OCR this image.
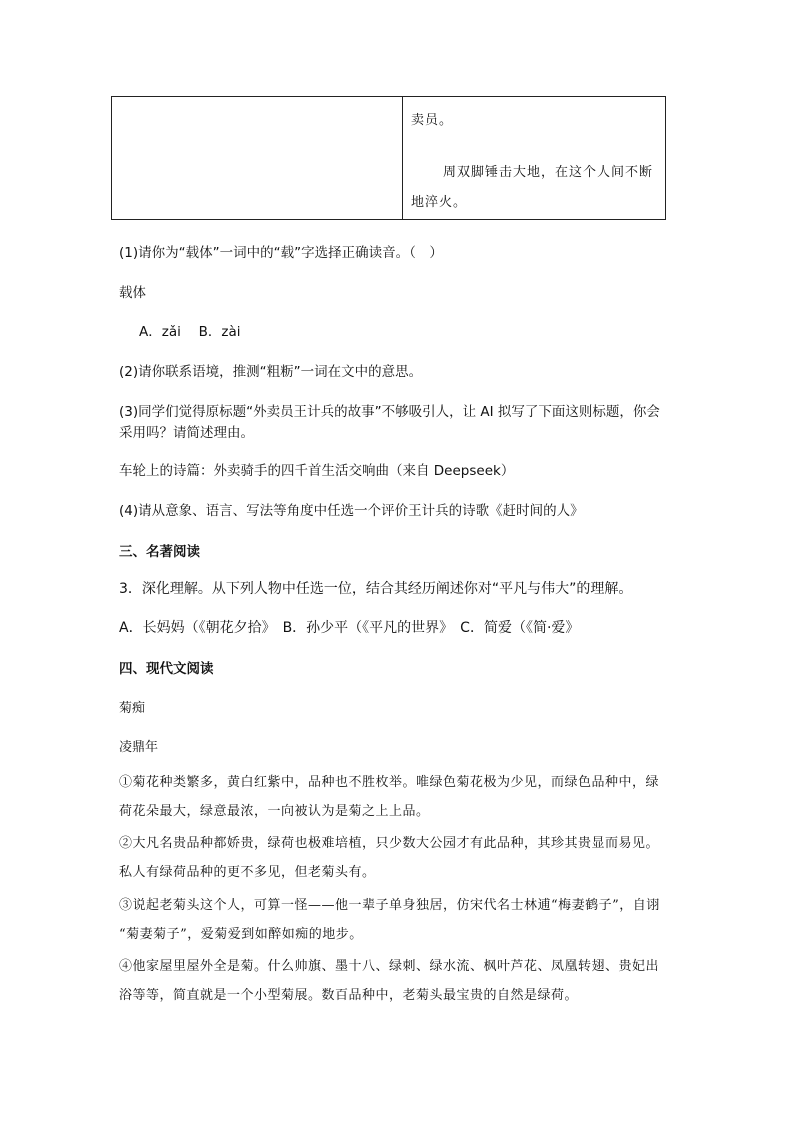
卖员。
周双脚锤击大地，在这个人间不断
地淬火。
(1)请你为“载体”一词中的“载”字选择正确读音。（　）
载体
A．zǎi　 B．zài
(2)请你联系语境，推测“粗粝”一词在文中的意思。
(3)同学们觉得原标题“外卖员王计兵的故事”不够吸引人，让 AI 拟写了下面这则标题，你会
采用吗？请简述理由。
车轮上的诗篇：外卖骑手的四千首生活交响曲（来自 Deepseek）
(4)请从意象、语言、写法等角度中任选一个评价王计兵的诗歌《赶时间的人》
三、名著阅读
3．深化理解。从下列人物中任选一位，结合其经历阐述你对“平凡与伟大”的理解。
A．长妈妈（《朝花夕拾》　B．孙少平（《平凡的世界》　C．简爱（《简·爱》
四、现代文阅读
菊痴
凌鼎年
①菊花种类繁多，黄白红紫中，品种也不胜枚举。唯绿色菊花极为少见，而绿色品种中，绿
荷花朵最大，绿意最浓，一向被认为是菊之上上品。
②大凡名贵品种都娇贵，绿荷也极难培植，只少数大公园才有此品种，其珍其贵显而易见。
私人有绿荷品种的更不多见，但老菊头有。
③说起老菊头这个人，可算一怪——他一辈子单身独居，仿宋代名士林逋“梅妻鹤子”，自诩
“菊妻菊子”，爱菊爱到如醉如痴的地步。
④他家屋里屋外全是菊。什么帅旗、墨十八、绿刺、绿水流、枫叶芦花、凤凰转翅、贵妃出
浴等等，简直就是一个小型菊展。数百品种中，老菊头最宝贵的自然是绿荷。
